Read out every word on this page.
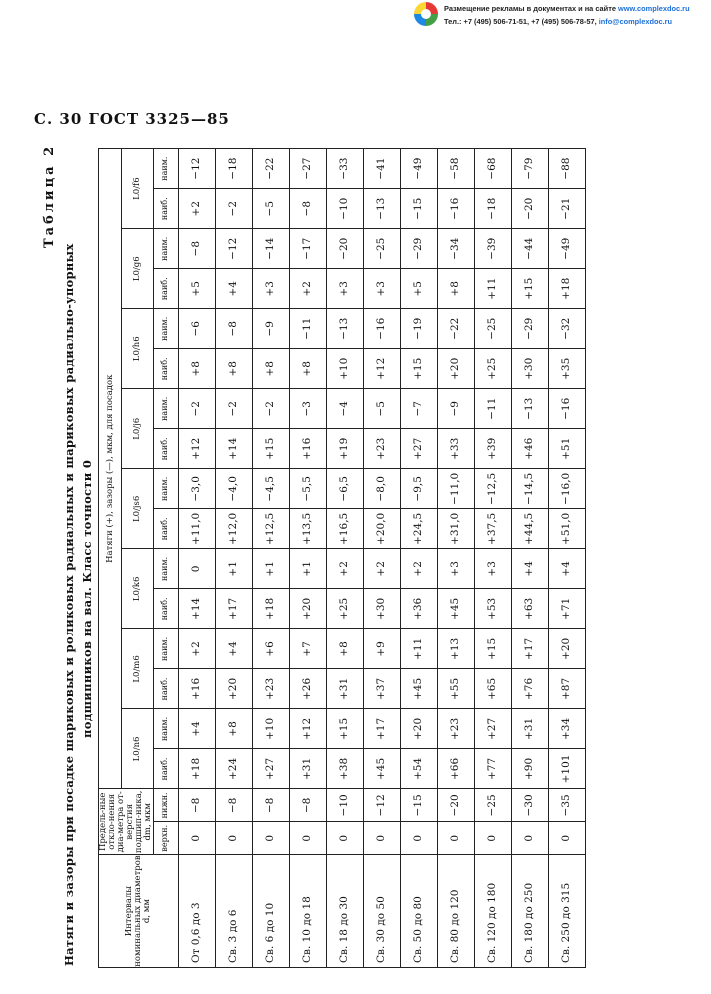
Размещение рекламы в документах и на сайте www.complexdoc.ru
Тел.: +7 (495) 506-71-51, +7 (495) 506-78-57, info@complexdoc.ru
С. 30 ГОСТ 3325—85
Таблица 2
Натяги и зазоры при посадке шариковых и роликовых радиальных и шариковых радиально-упорных подшипников на вал. Класс точности 0
Интервалы номинальных диаметров d, мм	Предель-ные откло-нения диа-метра от-верстия подшип-ника, dm, мкм		Натяги (+), зазоры (—), мкм, для посадок															
			L0/n6		L0/m6		L0/k6		L0/js6		L0/j6		L0/h6		L0/g6		L0/f6	

	верхн.	нижн.	наиб.	наим.	наиб.	наим.	наиб.	наим.	наиб.	наим.	наиб.	наим.	наиб.	наим.	наиб.	наим.	наиб.	наим.
От 0,6 до 3	0	−8	+18	+4	+16	+2	+14	0	+11,0	−3,0	+12	−2	+8	−6	+5	−8	+2	−12
Св. 3 до 6	0	−8	+24	+8	+20	+4	+17	+1	+12,0	−4,0	+14	−2	+8	−8	+4	−12	−2	−18
Св. 6 до 10	0	−8	+27	+10	+23	+6	+18	+1	+12,5	−4,5	+15	−2	+8	−9	+3	−14	−5	−22
Св. 10 до 18	0	−8	+31	+12	+26	+7	+20	+1	+13,5	−5,5	+16	−3	+8	−11	+2	−17	−8	−27
Св. 18 до 30	0	−10	+38	+15	+31	+8	+25	+2	+16,5	−6,5	+19	−4	+10	−13	+3	−20	−10	−33
Св. 30 до 50	0	−12	+45	+17	+37	+9	+30	+2	+20,0	−8,0	+23	−5	+12	−16	+3	−25	−13	−41
Св. 50 до 80	0	−15	+54	+20	+45	+11	+36	+2	+24,5	−9,5	+27	−7	+15	−19	+5	−29	−15	−49
Св. 80 до 120	0	−20	+66	+23	+55	+13	+45	+3	+31,0	−11,0	+33	−9	+20	−22	+8	−34	−16	−58
Св. 120 до 180	0	−25	+77	+27	+65	+15	+53	+3	+37,5	−12,5	+39	−11	+25	−25	+11	−39	−18	−68
Св. 180 до 250	0	−30	+90	+31	+76	+17	+63	+4	+44,5	−14,5	+46	−13	+30	−29	+15	−44	−20	−79
Св. 250 до 315	0	−35	+101	+34	+87	+20	+71	+4	+51,0	−16,0	+51	−16	+35	−32	+18	−49	−21	−88
